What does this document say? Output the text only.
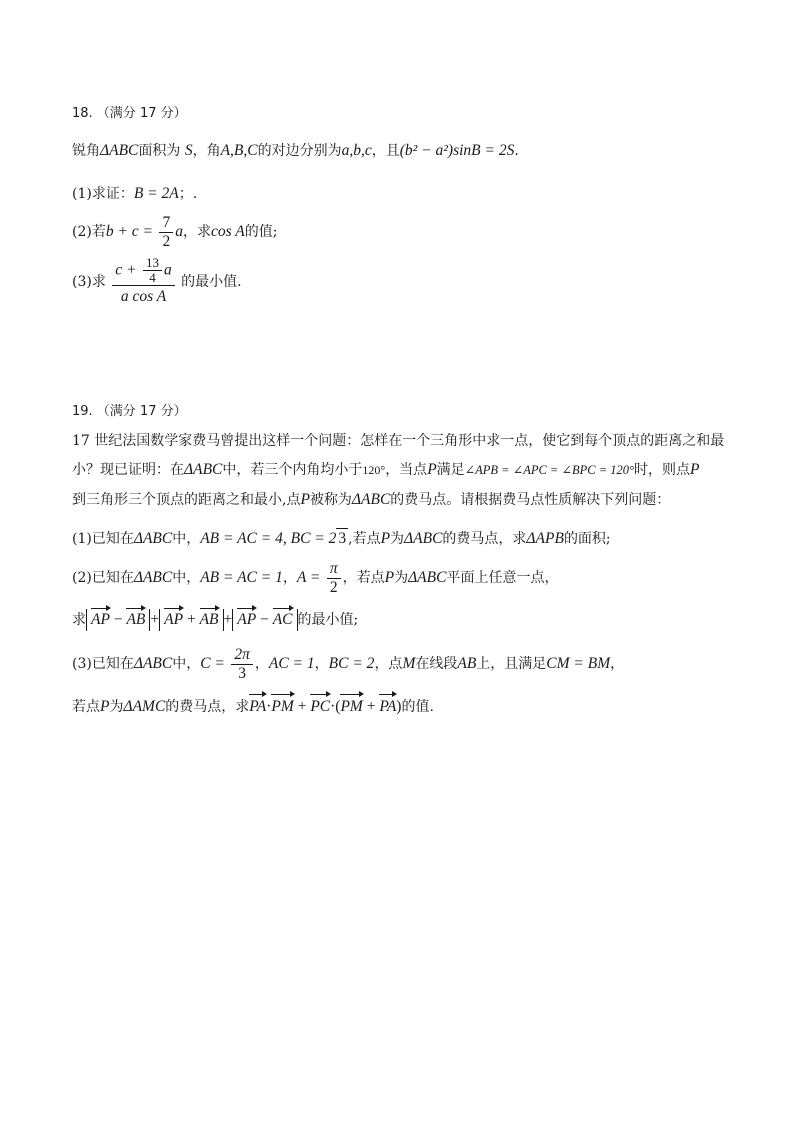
18. （满分 17 分）
锐角ΔABC面积为 S，角A,B,C的对边分别为a,b,c，且(b² − a²)sinB = 2S.
(1)求证：B = 2A；.
(2)若$b + c = \frac{7}{2}$ a，求cos A的值;
(3)求 $\frac{c + \frac{13}{4} a}{\text{a cos A}}$ 的最小值.
19. （满分 17 分）
17 世纪法国数学家费马曾提出这样一个问题：怎样在一个三角形中求一点，使它到每个顶点的距离之和最
小？现已证明：在ΔABC中，若三个内角均小于120°，当点P满足∠APB = ∠APC = ∠BPC = 120°时，则点P
到三角形三个顶点的距离之和最小,点P被称为ΔABC的费马点。请根据费马点性质解决下列问题：
(1)已知在ΔABC中，AB = AC = 4, BC = 2 3 ,若点P为ΔABC的费马点，求ΔAPB的面积;
(2)已知在ΔABC中，AB = AC = 1，$A = \frac{\pi}{2}$ ，若点P为ΔABC平面上任意一点，
求 AP − AB + AP + AB + AP − AC 的最小值;
(3)已知在ΔABC中，$C = \frac{2\pi}{3}$ ，AC = 1，BC = 2，点M在线段AB上，且满足CM = BM，
若点P为ΔAMC的费马点，求PA·PM + PC·(PM + PA)的值.
